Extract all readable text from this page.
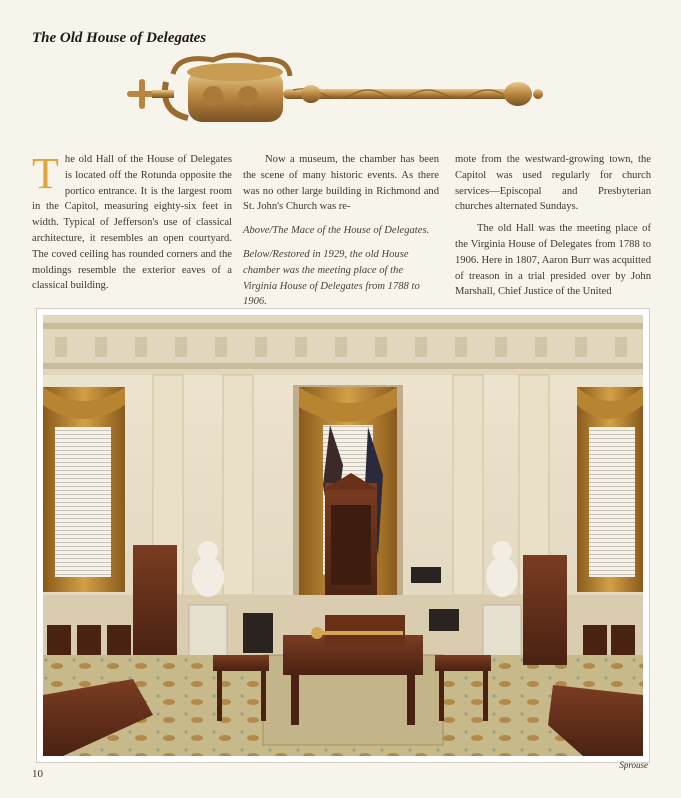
The Old House of Delegates

T he old Hall of the House of Delegates is located off the Rotunda opposite the portico entrance. It is the largest room in the Capitol, measuring eighty-six feet in width. Typical of Jefferson's use of classical architecture, it resembles an open courtyard. The coved ceiling has rounded corners and the moldings resemble the exterior eaves of a classical building.

Now a museum, the chamber has been the scene of many historic events. As there was no other large building in Richmond and St. John's Church was re-

Above/The Mace of the House of Delegates.

Below/Restored in 1929, the old House chamber was the meeting place of the Virginia House of Delegates from 1788 to 1906.

mote from the westward-growing town, the Capitol was used regularly for church services—Episcopal and Presbyterian churches alternated Sundays.

The old Hall was the meeting place of the Virginia House of Delegates from 1788 to 1906. Here in 1807, Aaron Burr was acquitted of treason in a trial presided over by John Marshall, Chief Justice of the United

10
Sprouse
